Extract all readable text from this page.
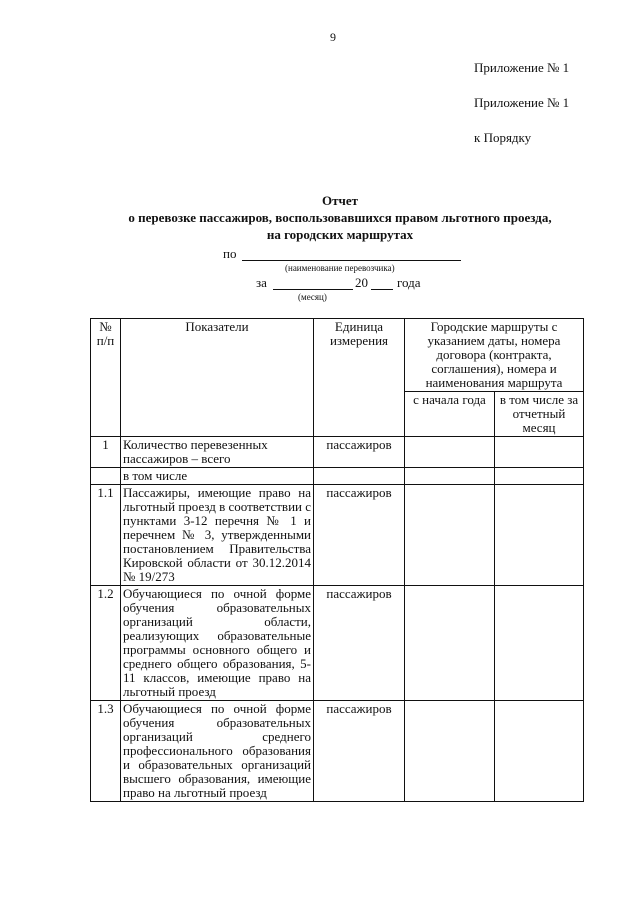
9
Приложение № 1
Приложение № 1
к Порядку
Отчет
о перевозке пассажиров, воспользовавшихся правом льготного проезда,
на городских маршрутах
по
(наименование перевозчика)
за	20 года
(месяц)
№ п/п	Показатели	Единица измерения	Городские маршруты с указанием даты, номера договора (контракта, соглашения), номера и наименования маршрута	
			с начала года	в том числе за отчетный месяц
1	Количество перевезенных пассажиров – всего	пассажиров		
	в том числе			
1.1	Пассажиры, имеющие право на льготный проезд в соответствии с пунктами 3-12 перечня № 1 и перечнем № 3, утвержденными постановлением Правительства Кировской области от 30.12.2014 № 19/273	пассажиров		
1.2	Обучающиеся по очной форме обучения образовательных организаций области, реализующих образовательные программы основного общего и среднего общего образования, 5-11 классов, имеющие право на льготный проезд	пассажиров		
1.3	Обучающиеся по очной форме обучения образовательных организаций среднего профессионального образования и образовательных организаций высшего образования, имеющие право на льготный проезд	пассажиров		
